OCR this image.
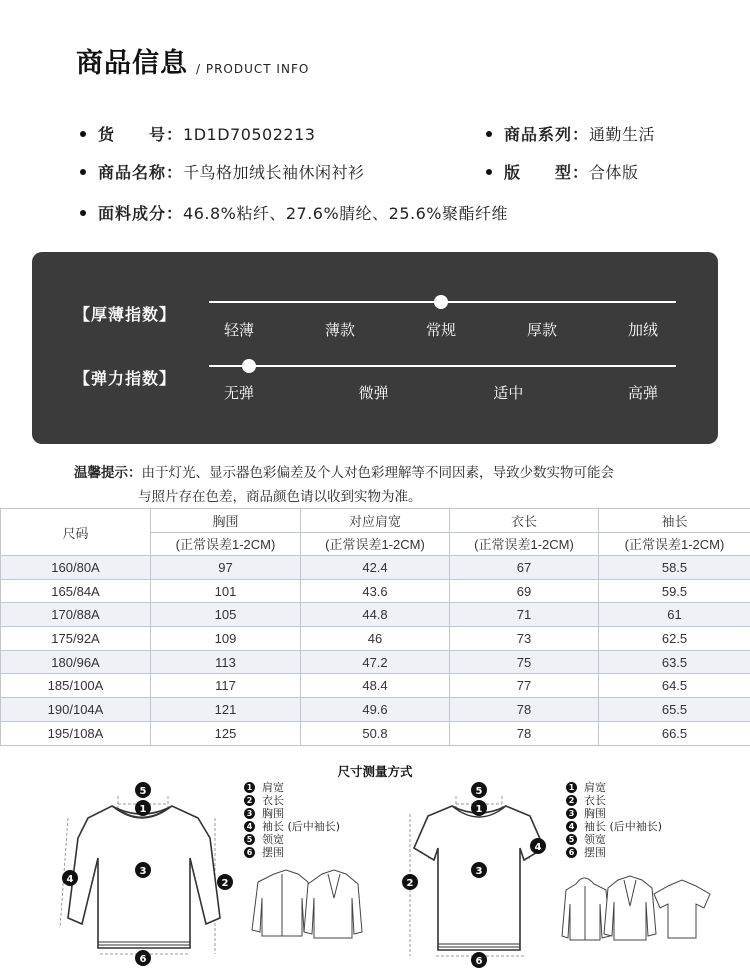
商品信息 / PRODUCT INFO
货　　号：1D1D70502213	商品系列：通勤生活
商品名称：千鸟格加绒长袖休闲衬衫	版　　型：合体版
面料成分：46.8%粘纤、27.6%腈纶、25.6%聚酯纤维
【厚薄指数】
轻薄	薄款	常规	厚款	加绒
【弹力指数】
无弹	微弹	适中	高弹
温馨提示：由于灯光、显示器色彩偏差及个人对色彩理解等不同因素，导致少数实物可能会
与照片存在色差，商品颜色请以收到实物为准。
尺码	胸围	对应肩宽	衣长	袖长
	(正常误差1-2CM)	(正常误差1-2CM)	(正常误差1-2CM)	(正常误差1-2CM)
160/80A	97	42.4	67	58.5
165/84A	101	43.6	69	59.5
170/88A	105	44.8	71	61
175/92A	109	46	73	62.5
180/96A	113	47.2	75	63.5
185/100A	117	48.4	77	64.5
190/104A	121	49.6	78	65.5
195/108A	125	50.8	78	66.5
尺寸测量方式
5
1
3
4	2
6
1 肩宽
2 衣长
3 胸围
4 袖长 (后中袖长)
5 领宽
6 摆围
5
1
3
4
2
6
1 肩宽
2 衣长
3 胸围
4 袖长 (后中袖长)
5 领宽
6 摆围
